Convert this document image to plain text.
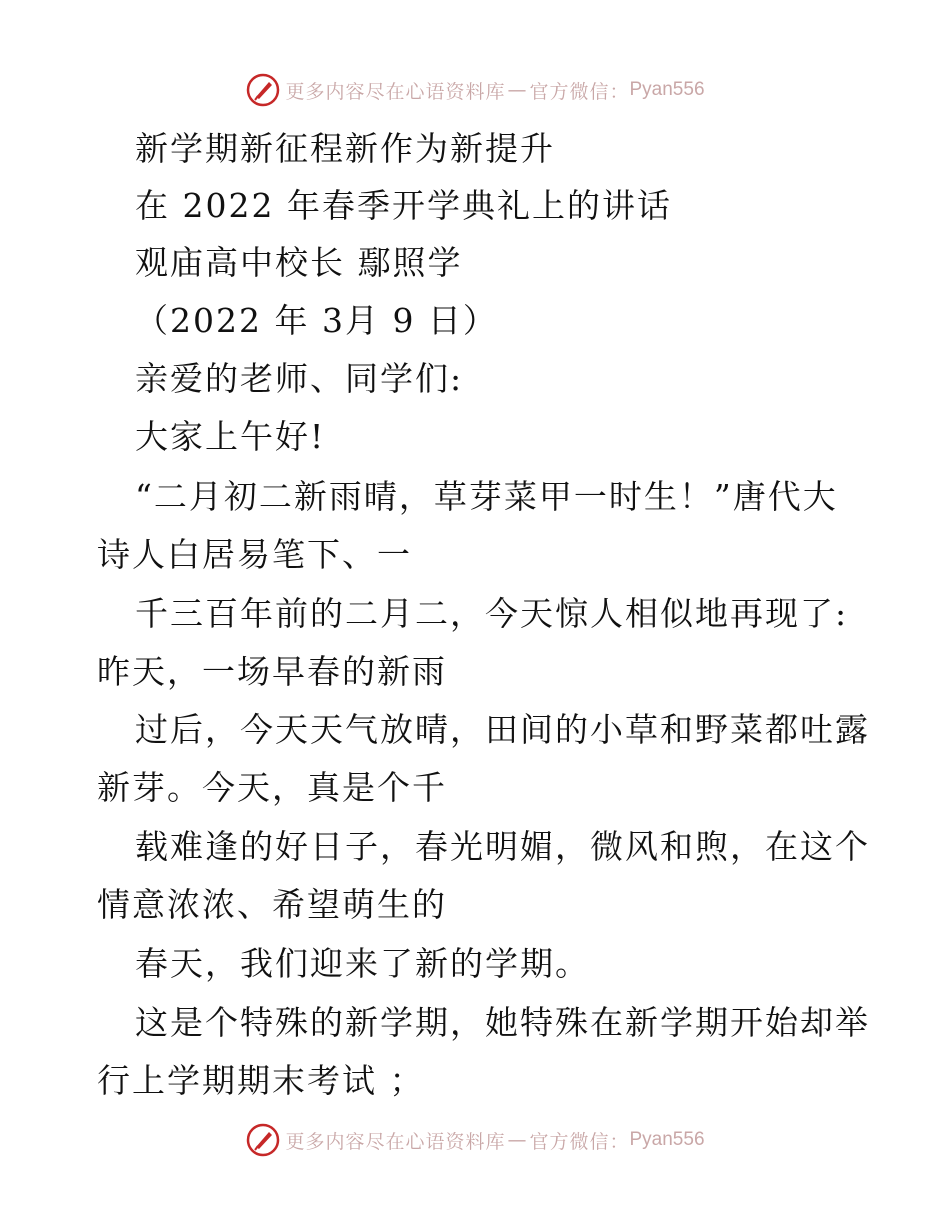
更多内容尽在心语资料库 — 官方微信： Pyan556
新学期新征程新作为新提升
在 2022 年春季开学典礼上的讲话
观庙高中校长 鄢照学
（2022 年 3月 9 日）
亲爱的老师、同学们:
大家上午好!
“二月初二新雨晴，草芽菜甲一时生！”唐代大
诗人白居易笔下、一
千三百年前的二月二，今天惊人相似地再现了:
昨天，一场早春的新雨
过后，今天天气放晴，田间的小草和野菜都吐露
新芽。今天，真是个千
载难逢的好日子，春光明媚，微风和煦，在这个
情意浓浓、希望萌生的
春天，我们迎来了新的学期。
这是个特殊的新学期，她特殊在新学期开始却举
行上学期期末考试 ；
更多内容尽在心语资料库 — 官方微信： Pyan556
